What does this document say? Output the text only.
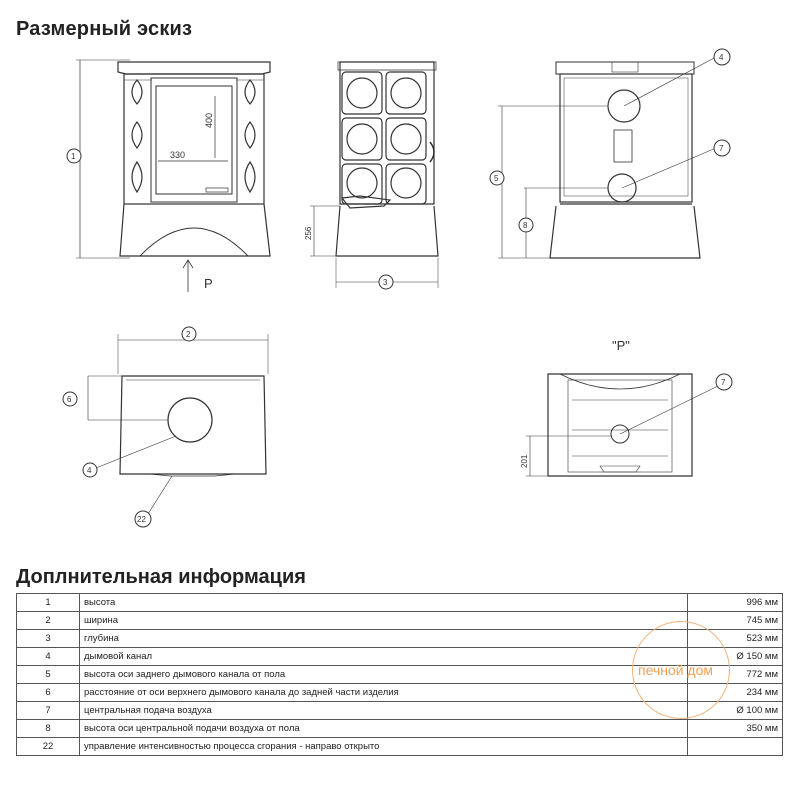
Размерный эскиз
1	330
400
P
256
3
4
7
5
8
2
6
4
22
"P"
7
201
Доплнительная информация
1	высота	996 мм
2	ширина	745 мм
3	глубина	523 мм
4	дымовой канал	Ø 150 мм
5	высота оси заднего дымового канала от пола	772 мм
6	расстояние от оси верхнего дымового канала до задней части изделия	234 мм
7	центральная подача воздуха	Ø 100 мм
8	высота оси центральной подачи воздуха от пола	350 мм
22	управление интенсивностью процесса сгорания - направо открыто	
печной дом
